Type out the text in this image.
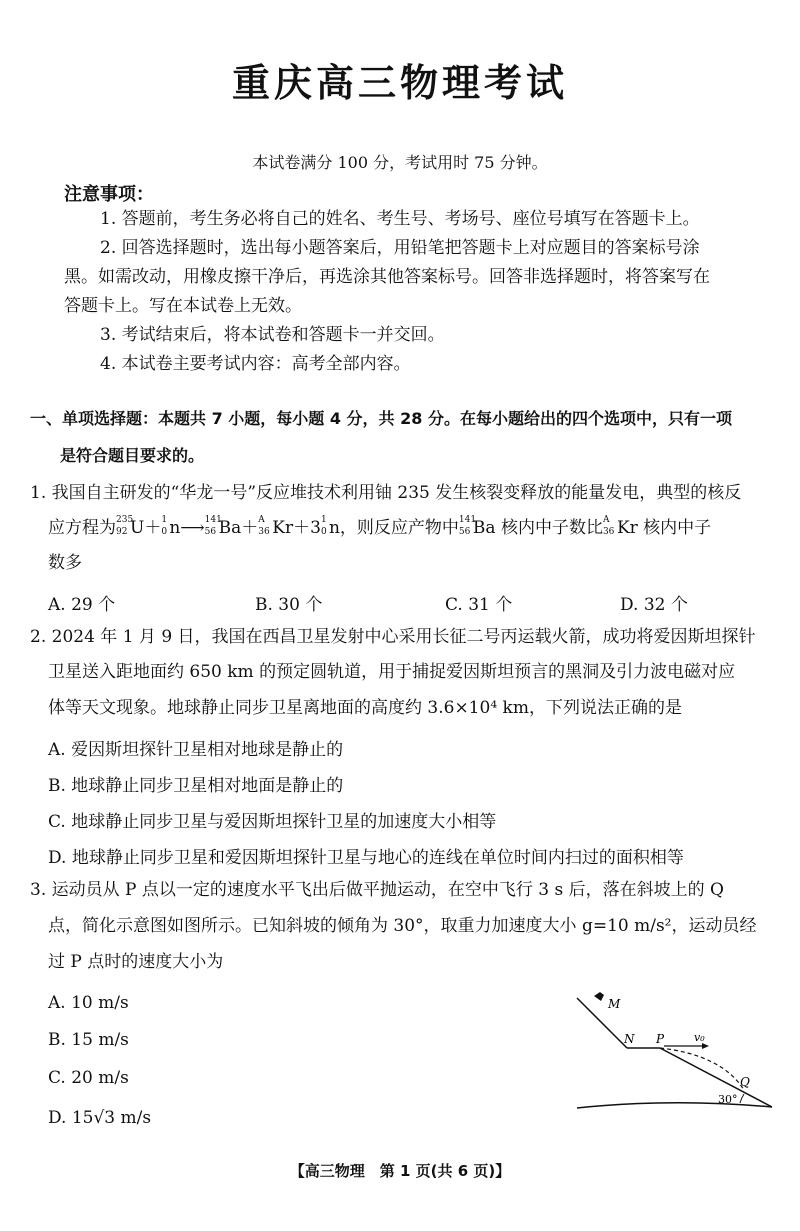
重庆高三物理考试
本试卷满分 100 分，考试用时 75 分钟。
注意事项：
1. 答题前，考生务必将自己的姓名、考生号、考场号、座位号填写在答题卡上。
2. 回答选择题时，选出每小题答案后，用铅笔把答题卡上对应题目的答案标号涂
黑。如需改动，用橡皮擦干净后，再选涂其他答案标号。回答非选择题时，将答案写在
答题卡上。写在本试卷上无效。
3. 考试结束后，将本试卷和答题卡一并交回。
4. 本试卷主要考试内容：高考全部内容。
一、单项选择题：本题共 7 小题，每小题 4 分，共 28 分。在每小题给出的四个选项中，只有一项
是符合题目要求的。
1. 我国自主研发的“华龙一号”反应堆技术利用铀 235 发生核裂变释放的能量发电，典型的核反
应方程为 235
92 U＋ 1
0 n⟶ 141
56 Ba＋ A
36 Kr＋3 1
0 n，则反应产物中 141
56 Ba 核内中子数比 A
36 Kr 核内中子
数多
A. 29 个	B. 30 个	C. 31 个	D. 32 个
2. 2024 年 1 月 9 日，我国在西昌卫星发射中心采用长征二号丙运载火箭，成功将爱因斯坦探针
卫星送入距地面约 650 km 的预定圆轨道，用于捕捉爱因斯坦预言的黑洞及引力波电磁对应
体等天文现象。地球静止同步卫星离地面的高度约 3.6×10⁴ km，下列说法正确的是
A. 爱因斯坦探针卫星相对地球是静止的
B. 地球静止同步卫星相对地面是静止的
C. 地球静止同步卫星与爱因斯坦探针卫星的加速度大小相等
D. 地球静止同步卫星和爱因斯坦探针卫星与地心的连线在单位时间内扫过的面积相等
3. 运动员从 P 点以一定的速度水平飞出后做平抛运动，在空中飞行 3 s 后，落在斜坡上的 Q
点，简化示意图如图所示。已知斜坡的倾角为 30°，取重力加速度大小 g=10 m/s²，运动员经
过 P 点时的速度大小为
A. 10 m/s
B. 15 m/s
C. 20 m/s
D. 15√3 m/s
M
N P	v₀
Q
30°
【高三物理　第 1 页(共 6 页)】
